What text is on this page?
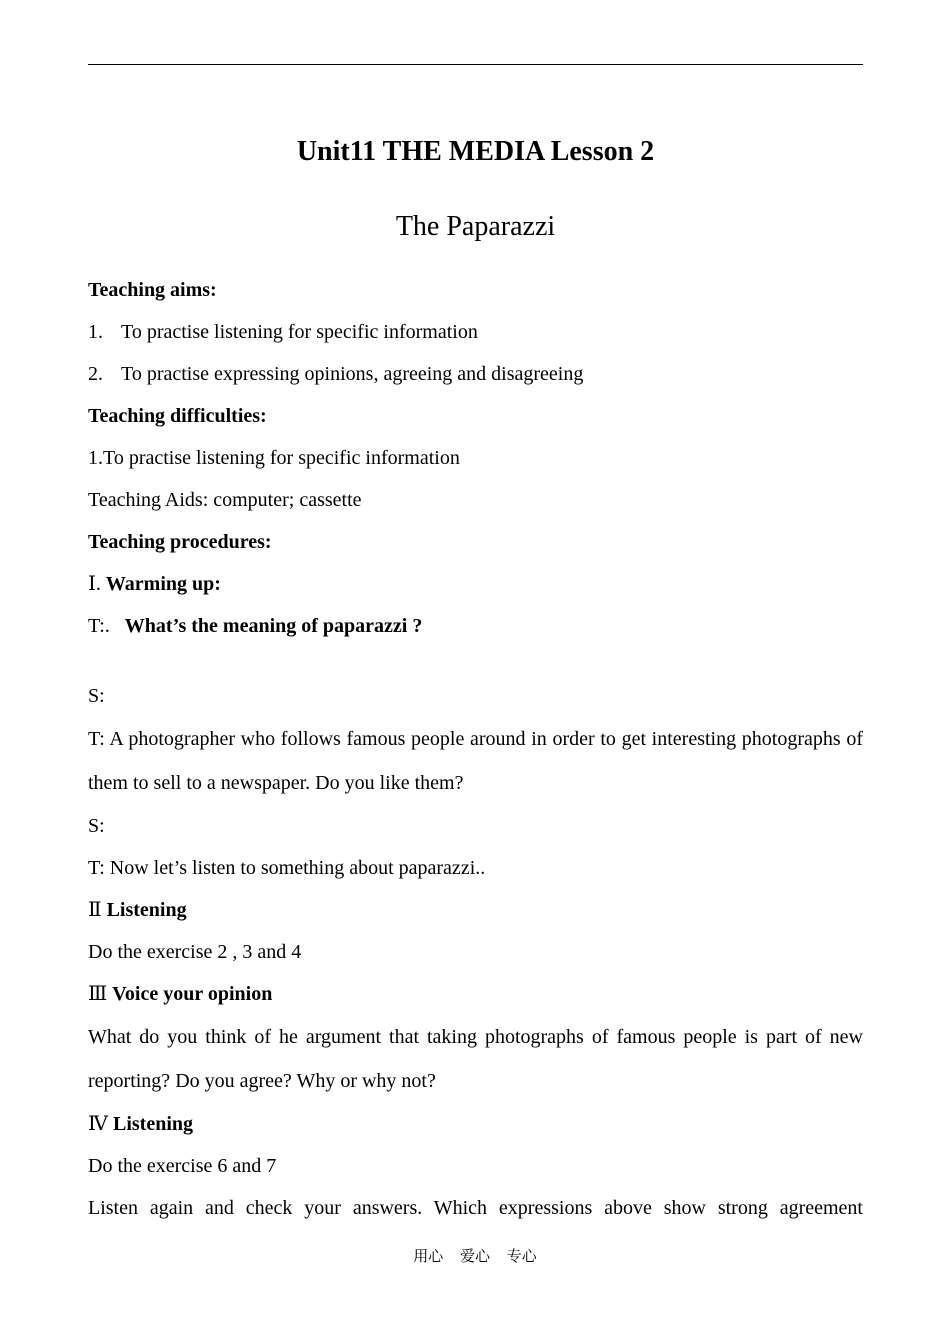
Unit11 THE MEDIA Lesson 2
The Paparazzi
Teaching aims:
1. To practise listening for specific information
2. To practise expressing opinions, agreeing and disagreeing
Teaching difficulties:
1.To practise listening for specific information
Teaching Aids: computer; cassette
Teaching procedures:
Ⅰ. Warming up:
T:. What’s the meaning of paparazzi ?
S:
T: A photographer who follows famous people around in order to get interesting photographs of them to sell to a newspaper. Do you like them?
S:
T: Now let’s listen to something about paparazzi..
Ⅱ Listening
Do the exercise 2 , 3 and 4
Ⅲ Voice your opinion
What do you think of he argument that taking photographs of famous people is part of new reporting? Do you agree? Why or why not?
Ⅳ Listening
Do the exercise 6 and 7
Listen again and check your answers. Which expressions above show strong agreement
用心 爱心 专心
